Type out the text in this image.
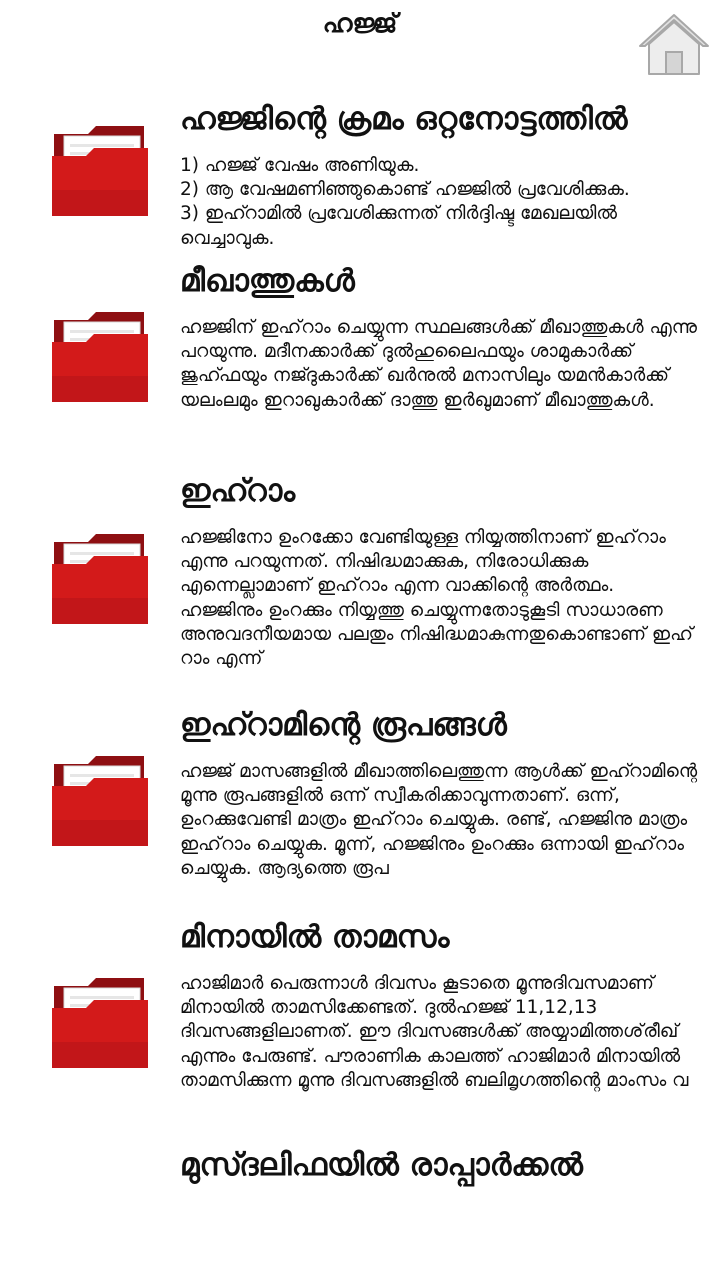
ഹജ്ജ്
ഹജ്ജിന്റെ ക്രമം ഒറ്റനോട്ടത്തിൽ

1) ഹജ്ജ് വേഷം അണിയുക.
2) ആ വേഷമണിഞ്ഞുകൊണ്ട് ഹജ്ജിൽ പ്രവേശിക്കുക.
3) ഇഹ്റാമിൽ പ്രവേശിക്കുന്നത് നിർദ്ദിഷ്ട മേഖലയിൽ വെച്ചാവുക.

മീഖാത്തുകൾ

ഹജ്ജിന് ഇഹ്​റാം ചെയ്യുന്ന സ്ഥലങ്ങൾക്ക് മീഖാത്തുകൾ എന്നു പറയുന്നു. മദീനക്കാർക്ക് ദുൽഹുലൈഫയും ശാമുകാർക്ക് ജുഹ്ഫയും നജ്ദുകാർക്ക് ഖർനുൽ മനാസിലും യമൻകാർക്ക് യലംലമും ഇറാഖുകാർക്ക് ദാത്തു ഇർഖുമാണ് മീഖാത്തുകൾ.

ഇഹ്റാം

ഹജ്ജിനോ ഉംറക്കോ വേണ്ടിയുള്ള നിയ്യത്തിനാണ് ഇഹ്​റാം എന്നു പറയുന്നത്. നിഷിദ്ധമാക്കുക, നിരോധിക്കുക എന്നെല്ലാമാണ് ഇഹ്​റാം എന്ന വാക്കിന്റെ അർത്ഥം. ഹജ്ജിനും ഉംറക്കും നിയ്യത്തു ചെയ്യുന്നതോടുകൂടി സാധാരണ അനുവദനീയമായ പലതും നിഷിദ്ധമാകുന്നതുകൊണ്ടാണ് ഇഹ്​റാം എന്ന്

ഇഹ്റാമിന്റെ രൂപങ്ങൾ

ഹജ്ജ് മാസങ്ങളിൽ മീഖാത്തിലെത്തുന്ന ആൾക്ക് ഇഹ്റാമിന്റെ മൂന്നു രൂപങ്ങളിൽ ഒന്ന് സ്വീകരിക്കാവുന്നതാണ്. ഒന്ന്, ഉംറക്കുവേണ്ടി മാത്രം ഇഹ്​റാം ചെയ്യുക. രണ്ട്, ഹജ്ജിനു മാത്രം ഇഹ്​റാം ചെയ്യുക. മൂന്ന്, ഹജ്ജിനും ഉംറക്കും ഒന്നായി ഇഹ്​റാം ചെയ്യുക. ആദ്യത്തെ രൂപ

മിനായിൽ താമസം

ഹാജിമാർ പെരുന്നാൾ ദിവസം കൂടാതെ മൂന്നുദിവസമാണ് മിനായിൽ താമസിക്കേണ്ടത്. ദുൽഹജ്ജ് 11,12,13 ദിവസങ്ങളിലാണത്. ഈ ദിവസങ്ങൾക്ക് അയ്യാമിത്തശ്‌രീഖ് എന്നും പേരുണ്ട്. പൗരാണിക കാലത്ത് ഹാജിമാർ മിനായിൽ താമസിക്കുന്ന മൂന്നു ദിവസങ്ങളിൽ ബലിമൃഗത്തിന്റെ മാംസം വ

മുസ്ദലിഫയിൽ രാപ്പാർക്കൽ
